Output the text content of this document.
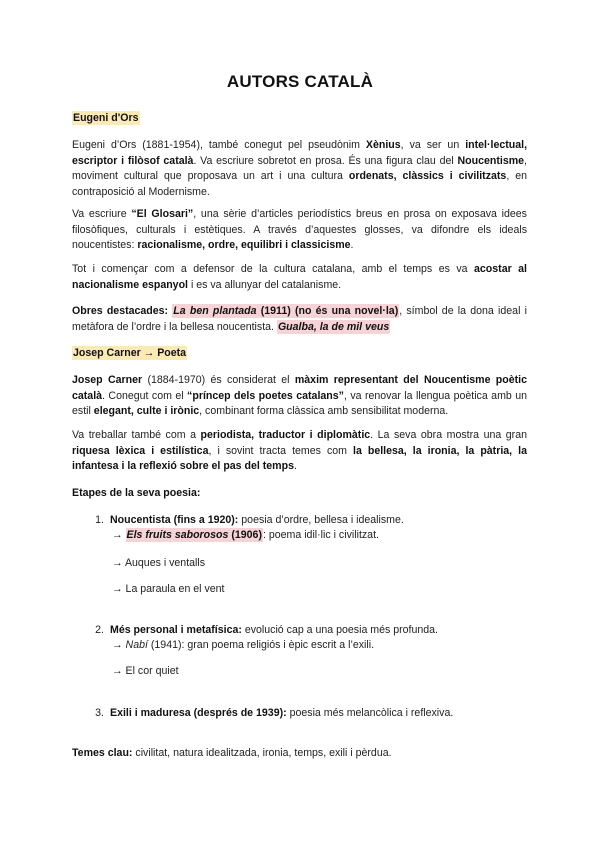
AUTORS CATALÀ
Eugeni d'Ors

Eugeni d’Ors (1881-1954), també conegut pel pseudònim Xènius, va ser un intel·lectual, escriptor i filòsof català. Va escriure sobretot en prosa. És una figura clau del Noucentisme, moviment cultural que proposava un art i una cultura ordenats, clàssics i civilitzats, en contraposició al Modernisme.

Va escriure “El Glosari”, una sèrie d’articles periodístics breus en prosa on exposava idees filosòfiques, culturals i estètiques. A través d’aquestes glosses, va difondre els ideals noucentistes: racionalisme, ordre, equilibri i classicisme.

Tot i començar com a defensor de la cultura catalana, amb el temps es va acostar al nacionalisme espanyol i es va allunyar del catalanisme.

Obres destacades: La ben plantada (1911) (no és una novel·la), símbol de la dona ideal i metàfora de l’ordre i la bellesa noucentista. Gualba, la de mil veus

Josep Carner → Poeta

Josep Carner (1884-1970) és considerat el màxim representant del Noucentisme poètic català. Conegut com el “príncep dels poetes catalans”, va renovar la llengua poètica amb un estil elegant, culte i irònic, combinant forma clàssica amb sensibilitat moderna.

Va treballar també com a periodista, traductor i diplomàtic. La seva obra mostra una gran riquesa lèxica i estilística, i sovint tracta temes com la bellesa, la ironia, la pàtria, la infantesa i la reflexió sobre el pas del temps.

Etapes de la seva poesia:
1. Noucentista (fins a 1920): poesia d’ordre, bellesa i idealisme.
→ Els fruits saborosos (1906): poema idil·lic i civilitzat.
→ Auques i ventalls
→ La paraula en el vent
2. Més personal i metafísica: evolució cap a una poesia més profunda.
→ Nabí (1941): gran poema religiós i èpic escrit a l’exili.
→ El cor quiet
3. Exili i maduresa (després de 1939): poesia més melancòlica i reflexiva.
Temes clau: civilitat, natura idealitzada, ironia, temps, exili i pèrdua.
